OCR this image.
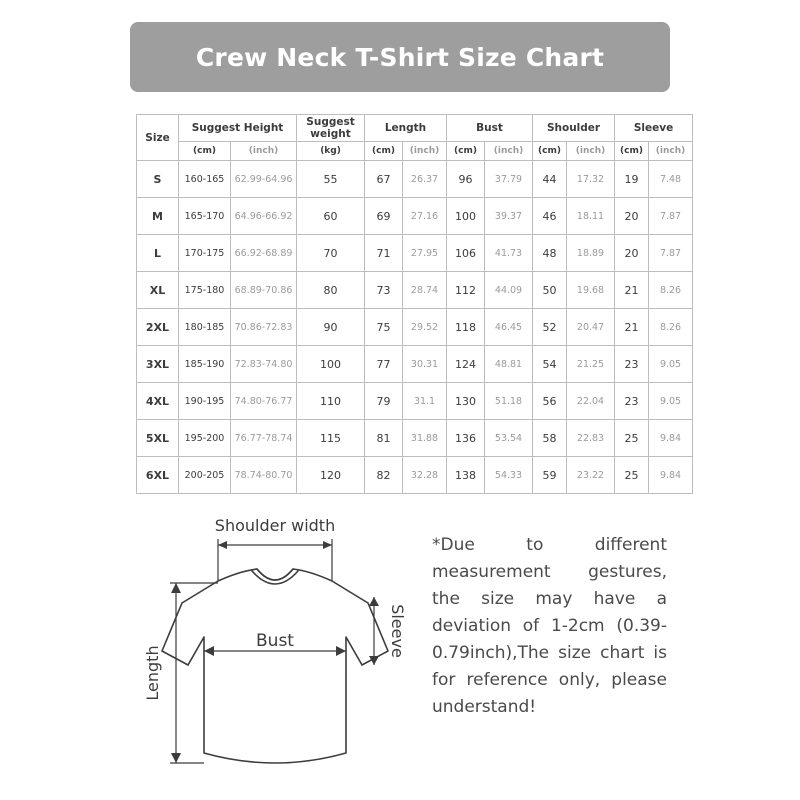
Crew Neck T-Shirt Size Chart
Size	Suggest Height		Suggest weight	Length		Bust		Shoulder		Sleeve	
	(cm)	(inch)	(kg)	(cm)	(inch)	(cm)	(inch)	(cm)	(inch)	(cm)	(inch)
S	160-165	62.99-64.96	55	67	26.37	96	37.79	44	17.32	19	7.48
M	165-170	64.96-66.92	60	69	27.16	100	39.37	46	18.11	20	7.87
L	170-175	66.92-68.89	70	71	27.95	106	41.73	48	18.89	20	7.87
XL	175-180	68.89-70.86	80	73	28.74	112	44.09	50	19.68	21	8.26
2XL	180-185	70.86-72.83	90	75	29.52	118	46.45	52	20.47	21	8.26
3XL	185-190	72.83-74.80	100	77	30.31	124	48.81	54	21.25	23	9.05
4XL	190-195	74.80-76.77	110	79	31.1	130	51.18	56	22.04	23	9.05
5XL	195-200	76.77-78.74	115	81	31.88	136	53.54	58	22.83	25	9.84
6XL	200-205	78.74-80.70	120	82	32.28	138	54.33	59	23.22	25	9.84
Shoulder width
Bust	Sleeve
Length

*Due to different measurement gestures, the size may have a deviation of 1-2cm (0.39-0.79inch),The size chart is for reference only, please understand!
